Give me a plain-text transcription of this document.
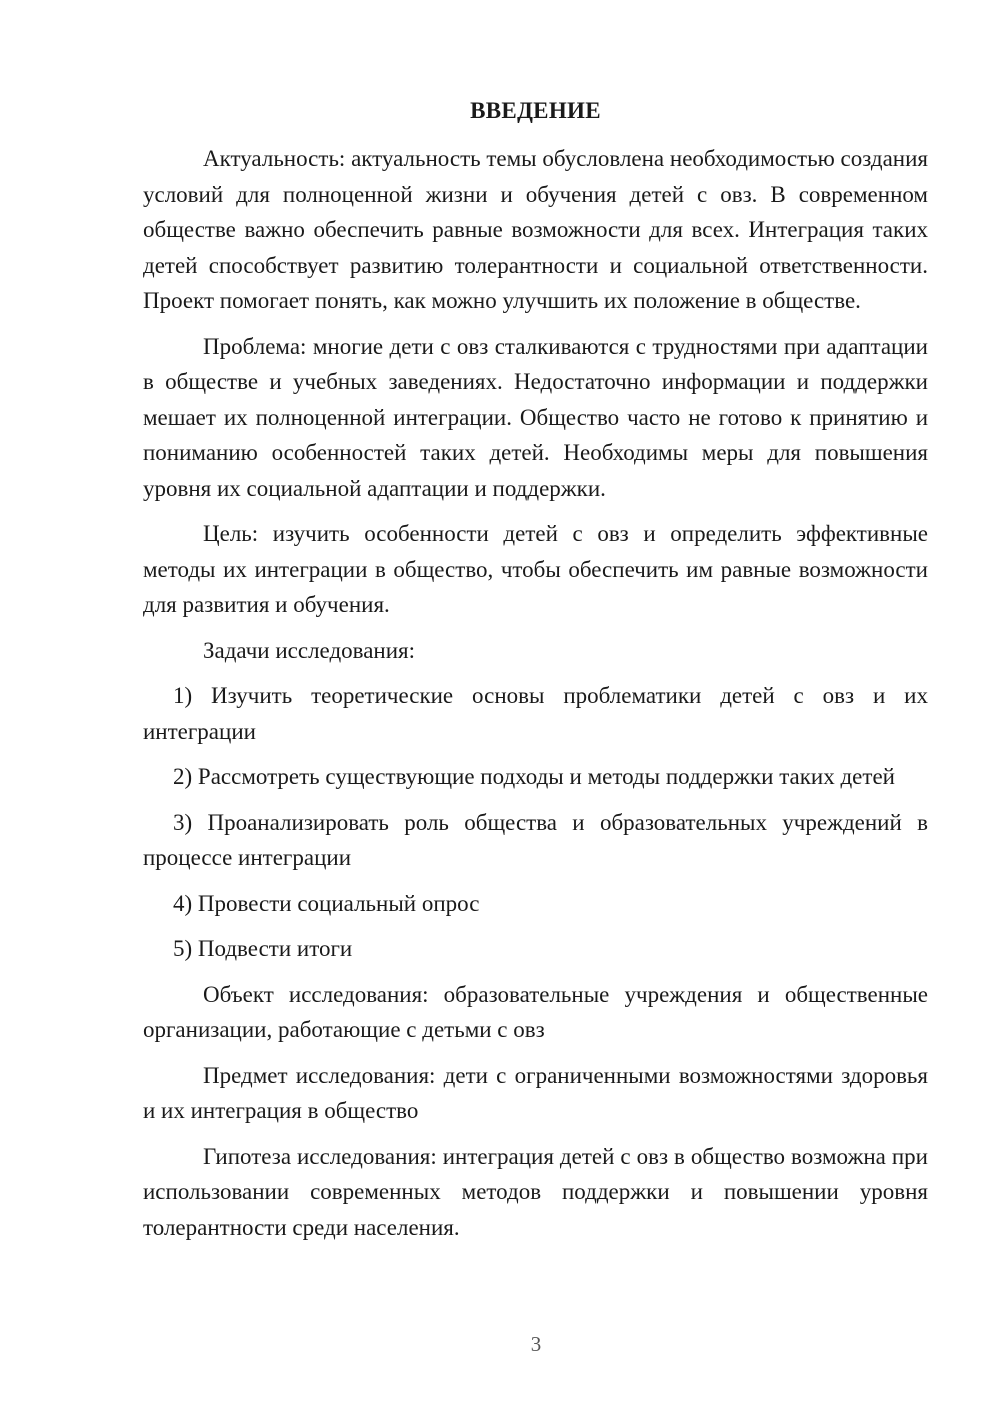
ВВЕДЕНИЕ

Актуальность: актуальность темы обусловлена необходимостью создания условий для полноценной жизни и обучения детей с овз. В современном обществе важно обеспечить равные возможности для всех. Интеграция таких детей способствует развитию толерантности и социальной ответственности. Проект помогает понять, как можно улучшить их положение в обществе.

Проблема: многие дети с овз сталкиваются с трудностями при адаптации в обществе и учебных заведениях. Недостаточно информации и поддержки мешает их полноценной интеграции. Общество часто не готово к принятию и пониманию особенностей таких детей. Необходимы меры для повышения уровня их социальной адаптации и поддержки.

Цель: изучить особенности детей с овз и определить эффективные методы их интеграции в общество, чтобы обеспечить им равные возможности для развития и обучения.

Задачи исследования:

1) Изучить теоретические основы проблематики детей с овз и их интеграции

2) Рассмотреть существующие подходы и методы поддержки таких детей

3) Проанализировать роль общества и образовательных учреждений в процессе интеграции

4) Провести социальный опрос

5) Подвести итоги

Объект исследования: образовательные учреждения и общественные организации, работающие с детьми с овз

Предмет исследования: дети с ограниченными возможностями здоровья и их интеграция в общество

Гипотеза исследования: интеграция детей с овз в общество возможна при использовании современных методов поддержки и повышении уровня толерантности среди населения.

3
